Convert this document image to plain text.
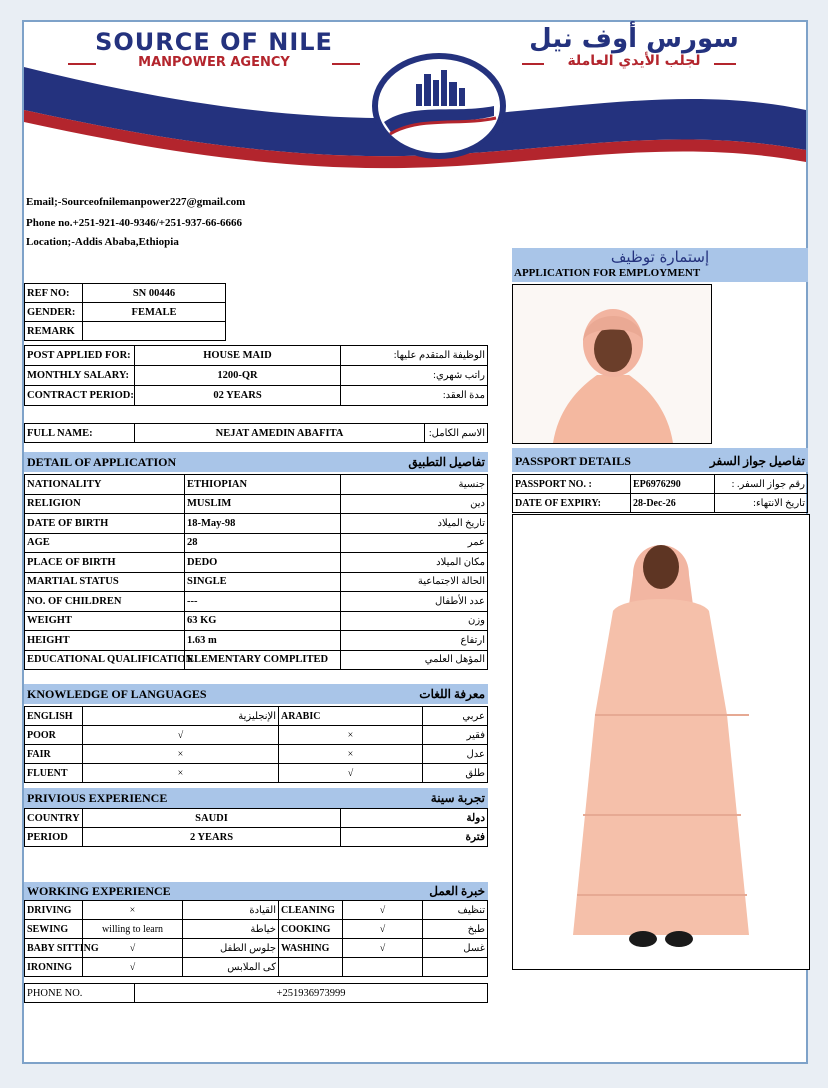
SOURCE OF NILE
MANPOWER AGENCY
سورس أوف نيل
لجلب الأيدي العاملة
Email;-Sourceofnilemanpower227@gmail.com
Phone no.+251-921-40-9346/+251-937-66-6666
Location;-Addis Ababa,Ethiopia
إستمارة توظيف
APPLICATION FOR EMPLOYMENT
REF NO:	SN 00446
GENDER:	FEMALE
REMARK	
POST APPLIED FOR:	HOUSE MAID	الوظيفة المتقدم عليها:
MONTHLY SALARY:	1200-QR	راتب شهري:
CONTRACT PERIOD:	02 YEARS	مدة العقد:
FULL NAME:	NEJAT AMEDIN ABAFITA	الاسم الكامل:
DETAIL OF APPLICATION	تفاصيل التطبيق
NATIONALITY	ETHIOPIAN	جنسية
RELIGION	MUSLIM	دين
DATE OF BIRTH	18-May-98	تاريخ الميلاد
AGE	28	عمر
PLACE OF BIRTH	DEDO	مكان الميلاد
MARTIAL STATUS	SINGLE	الحالة الاجتماعية
NO. OF CHILDREN	---	عدد الأطفال
WEIGHT	63 KG	وزن
HEIGHT	1.63 m	ارتفاع
EDUCATIONAL QUALIFICATION	ELEMENTARY COMPLITED	المؤهل العلمي
KNOWLEDGE OF LANGUAGES	معرفة اللغات
ENGLISH	الإنجليزية	ARABIC	عربي
POOR	√	×	فقير
FAIR	×	×	عدل
FLUENT	×	√	طلق
PRIVIOUS EXPERIENCE	تجربة سينة
COUNTRY	SAUDI	دولة
PERIOD	2 YEARS	فترة
WORKING EXPERIENCE	خبرة العمل
DRIVING	×	القيادة	CLEANING	√	تنظيف
SEWING	willing to learn	خياطة	COOKING	√	طبخ
BABY SITTING	√	جلوس الطفل	WASHING	√	غسل
IRONING	√	كى الملابس			
PHONE NO.	+251936973999
PASSPORT DETAILS	تفاصيل جواز السفر
PASSPORT NO. :	EP6976290	رقم جواز السفر. :
DATE OF EXPIRY:	28-Dec-26	تاريخ الانتهاء:
